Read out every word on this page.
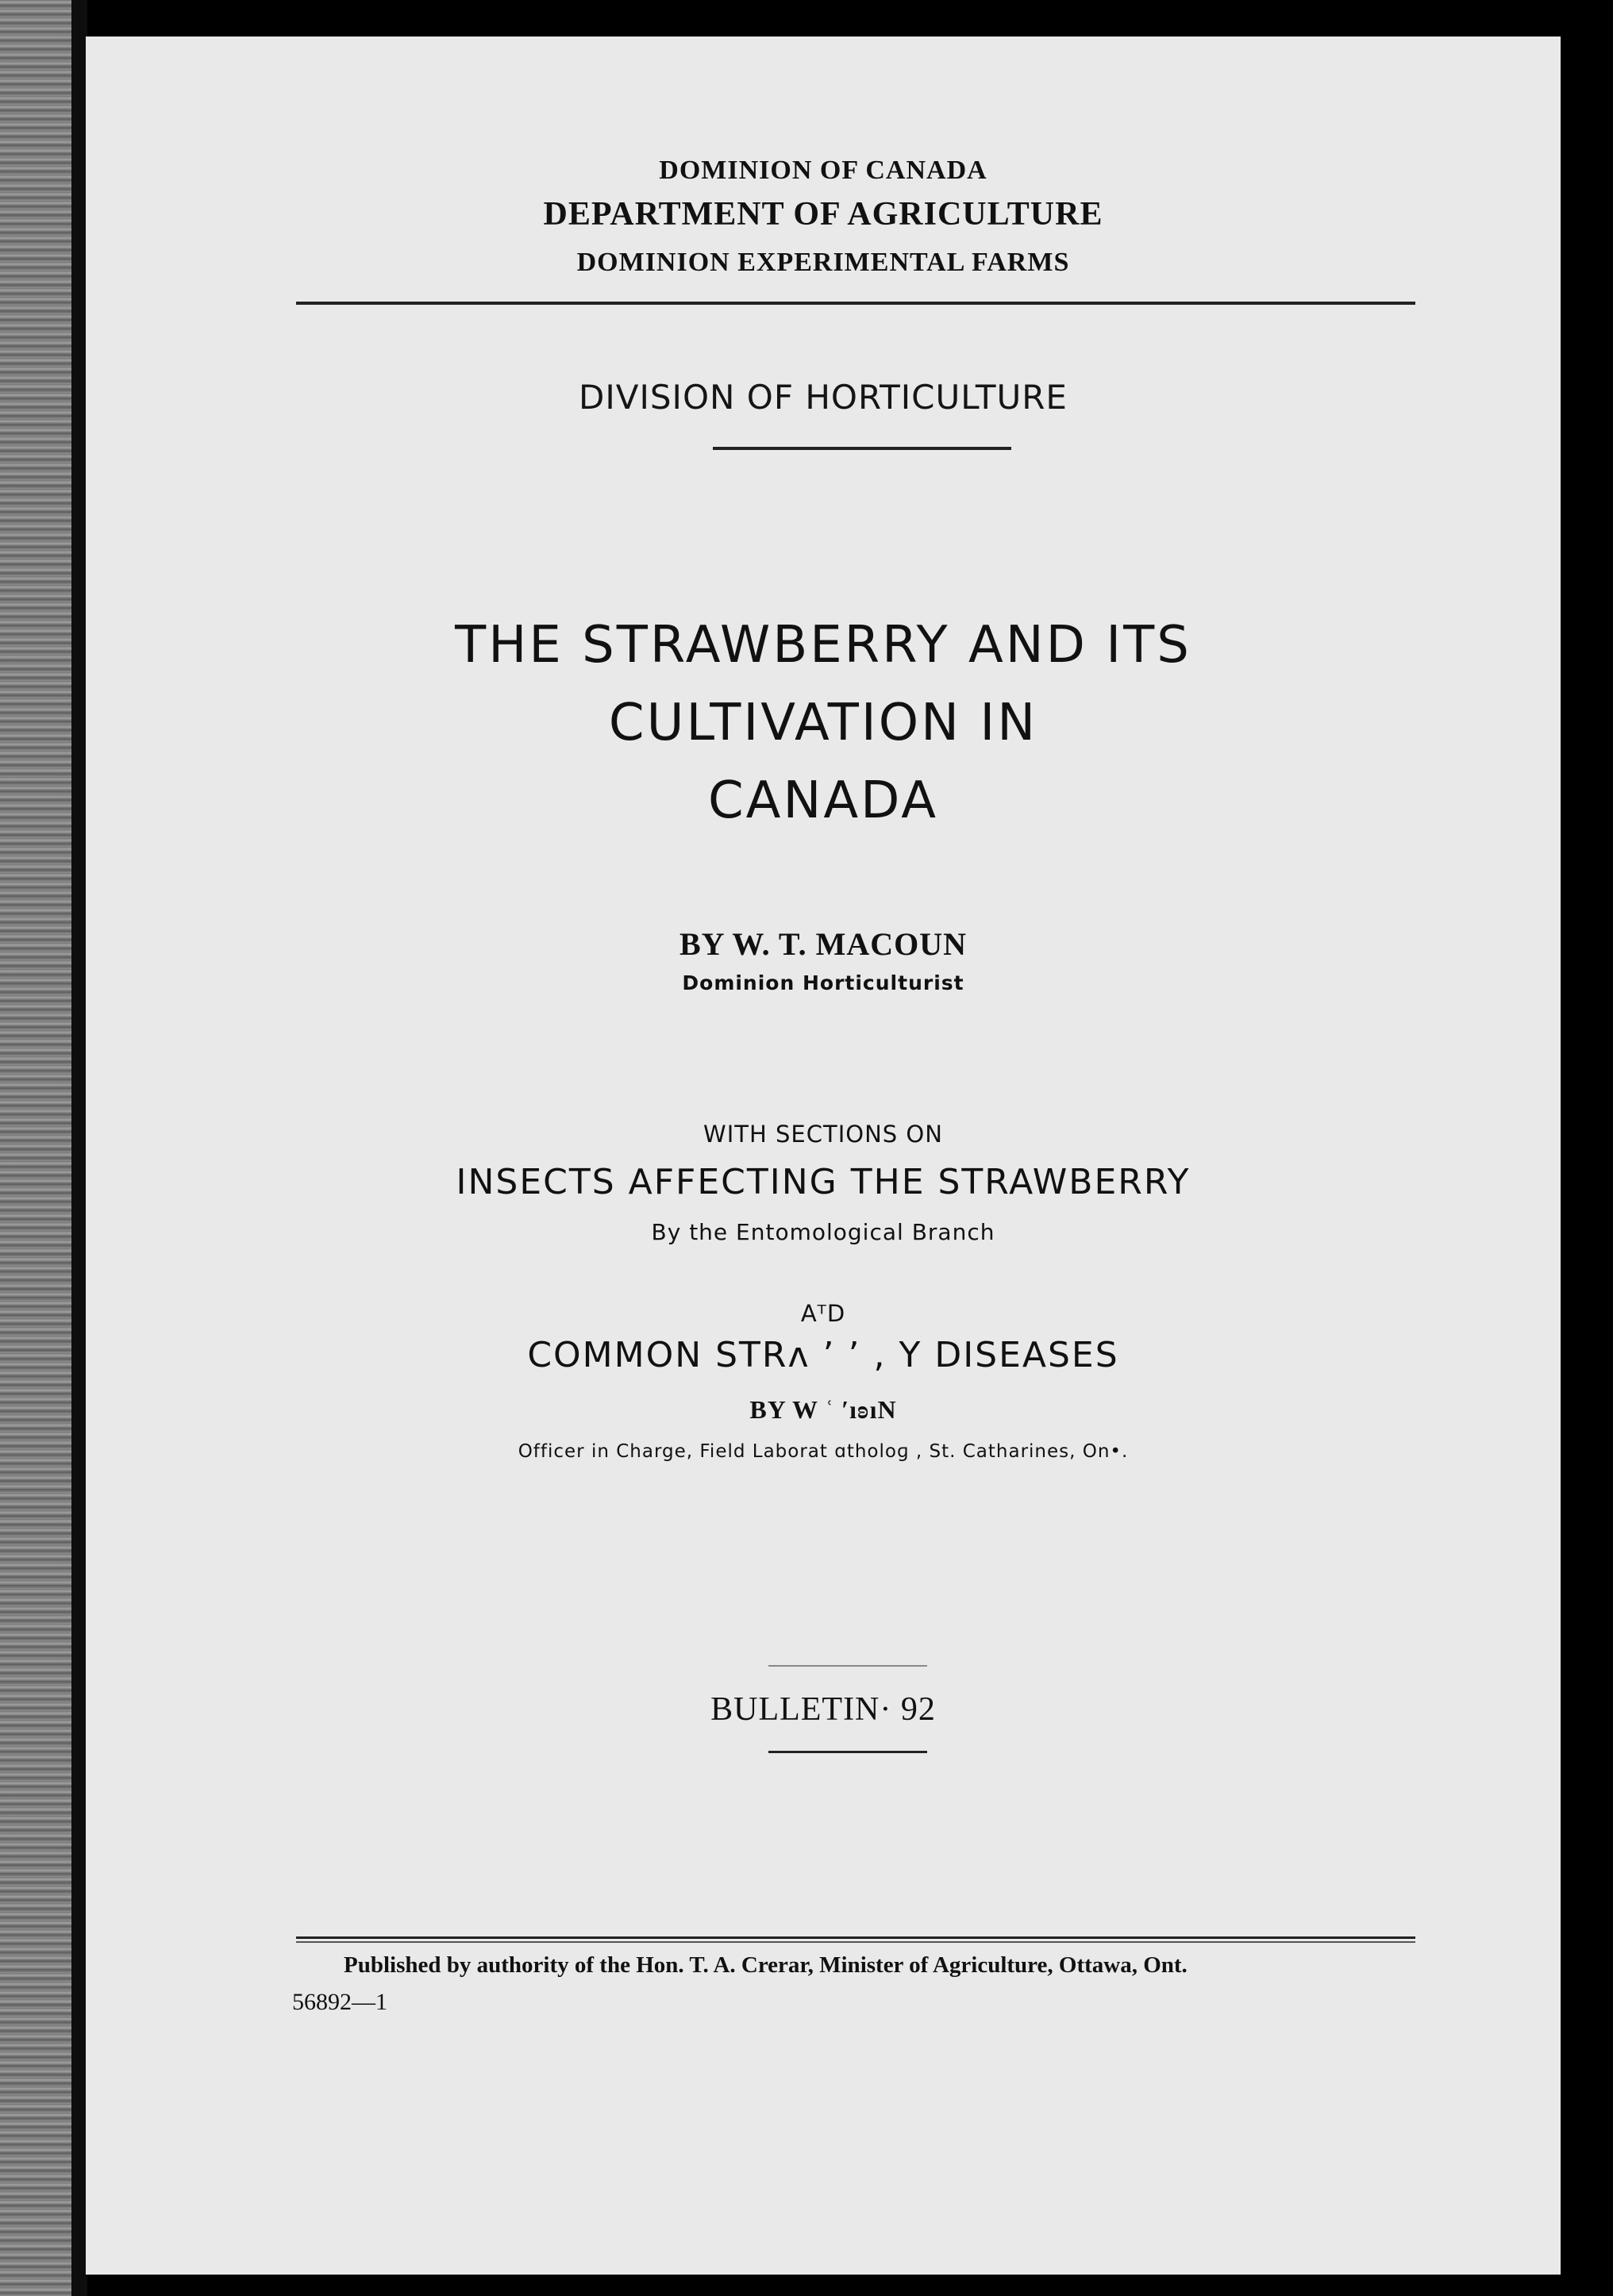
DOMINION OF CANADA
DEPARTMENT OF AGRICULTURE
DOMINION EXPERIMENTAL FARMS
DIVISION OF HORTICULTURE
THE STRAWBERRY AND ITS
CULTIVATION IN
CANADA
BY W. T. MACOUN
Dominion Horticulturist
WITH SECTIONS ON
INSECTS AFFECTING THE STRAWBERRY
By the Entomological Branch
AᵀD
COMMON STRʌ ʼ ʼ , Y DISEASES
BY W ʿ ′ıʚıN
Officer in Charge, Field Laborat ɑtholoɡ , St. Catharines, On•.
BULLETIN· 92
Published by authority of the Hon. T. A. Crerar, Minister of Agriculture, Ottawa, Ont.
56892—1
